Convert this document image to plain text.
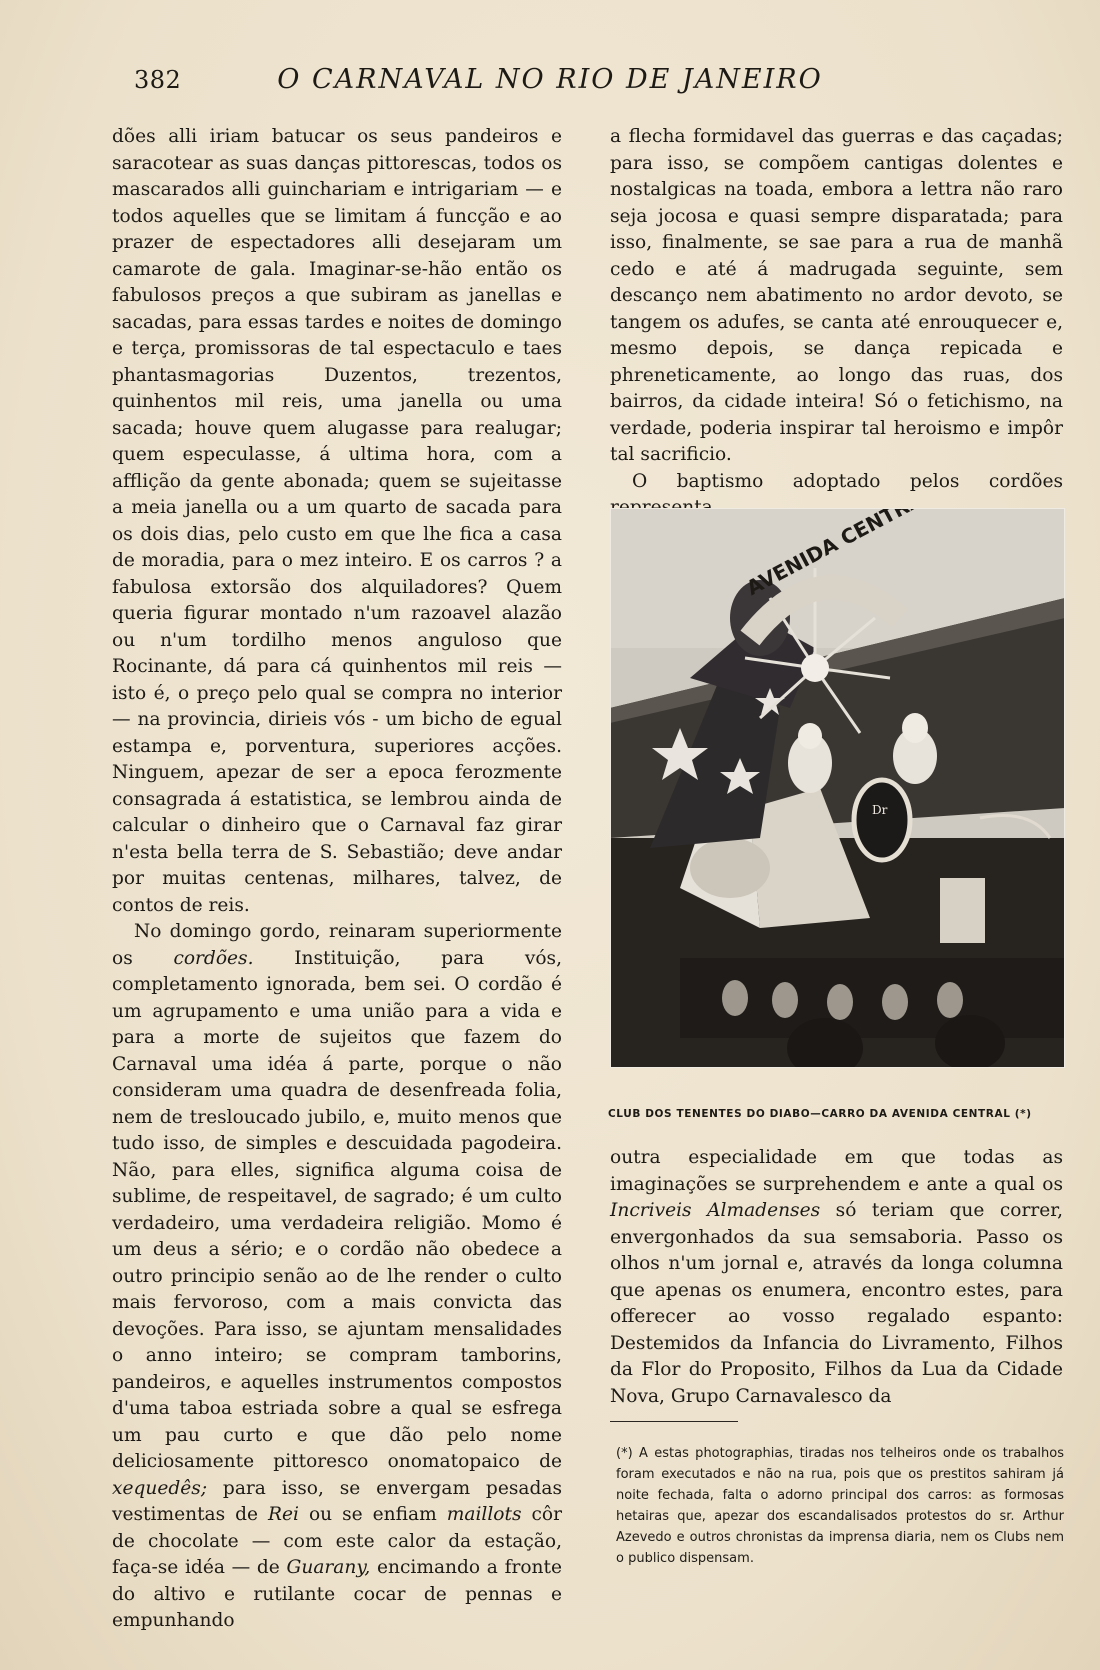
382	O CARNAVAL NO RIO DE JANEIRO

dões alli iriam batucar os seus pandeiros e saracotear as suas danças pittorescas, todos os mascarados alli guinchariam e intrigariam — e todos aquelles que se limitam á funcção e ao prazer de espectadores alli desejaram um camarote de gala. Imaginar-se-hão então os fabulosos preços a que subiram as janellas e sacadas, para essas tardes e noites de domingo e terça, promissoras de tal espectaculo e taes phantasmagorias Duzentos, trezentos, quinhentos mil reis, uma janella ou uma sacada; houve quem alugasse para realugar; quem especulasse, á ultima hora, com a afflição da gente abonada; quem se sujeitasse a meia janella ou a um quarto de sacada para os dois dias, pelo custo em que lhe fica a casa de moradia, para o mez inteiro. E os carros ? a fabulosa extorsão dos alquiladores? Quem queria figurar montado n'um razoavel alazão ou n'um tordilho menos anguloso que Rocinante, dá para cá quinhentos mil reis — isto é, o preço pelo qual se compra no interior — na provincia, dirieis vós - um bicho de egual estampa e, porventura, superiores acções. Ninguem, apezar de ser a epoca ferozmente consagrada á estatistica, se lembrou ainda de calcular o dinheiro que o Carnaval faz girar n'esta bella terra de S. Sebastião; deve andar por muitas centenas, milhares, talvez, de contos de reis.

No domingo gordo, reinaram superiormente os cordões. Instituição, para vós, completamento ignorada, bem sei. O cordão é um agrupamento e uma união para a vida e para a morte de sujeitos que fazem do Carnaval uma idéa á parte, porque o não consideram uma quadra de desenfreada folia, nem de tresloucado jubilo, e, muito menos que tudo isso, de simples e descuidada pagodeira. Não, para elles, significa alguma coisa de sublime, de respeitavel, de sagrado; é um culto verdadeiro, uma verdadeira religião. Momo é um deus a sério; e o cordão não obedece a outro principio senão ao de lhe render o culto mais fervoroso, com a mais convicta das devoções. Para isso, se ajuntam mensalidades o anno inteiro; se compram tamborins, pandeiros, e aquelles instrumentos compostos d'uma taboa estriada sobre a qual se esfrega um pau curto e que dão pelo nome deliciosamente pittoresco onomatopaico de xequedês; para isso, se envergam pesadas vestimentas de Rei ou se enfiam maillots côr de chocolate — com este calor da estação, faça-se idéa — de Guarany, encimando a fronte do altivo e rutilante cocar de pennas e empunhando

a flecha formidavel das guerras e das caçadas; para isso, se compõem cantigas dolentes e nostalgicas na toada, embora a lettra não raro seja jocosa e quasi sempre disparatada; para isso, finalmente, se sae para a rua de manhã cedo e até á madrugada seguinte, sem descanço nem abatimento no ardor devoto, se tangem os adufes, se canta até enrouquecer e, mesmo depois, se dança repicada e phreneticamente, ao longo das ruas, dos bairros, da cidade inteira! Só o fetichismo, na verdade, poderia inspirar tal heroismo e impôr tal sacrificio.

O baptismo adoptado pelos cordões

Dr
CLUB DOS TENENTES DO DIABO—CARRO DA AVENIDA CENTRAL (*)

outra especialidade em que todas as imaginações se surprehendem e ante a qual os Incriveis Almadenses só teriam que correr, envergonhados da sua semsaboria. Passo os olhos n'um jornal e, através da longa columna que apenas os enumera, encontro estes, para offerecer ao vosso regalado espanto: Destemidos da Infancia do Livramento, Filhos da Flor do Proposito, Filhos da Lua da Cidade Nova, Grupo Carnavalesco da

(*) A estas photographias, tiradas nos telheiros onde os trabalhos foram executados e não na rua, pois que os prestitos sahiram já noite fechada, falta o adorno principal dos carros: as formosas hetairas que, apezar dos escandalisados protestos do sr. Arthur Azevedo e outros chronistas da imprensa diaria, nem os Clubs nem o publico dispensam.
